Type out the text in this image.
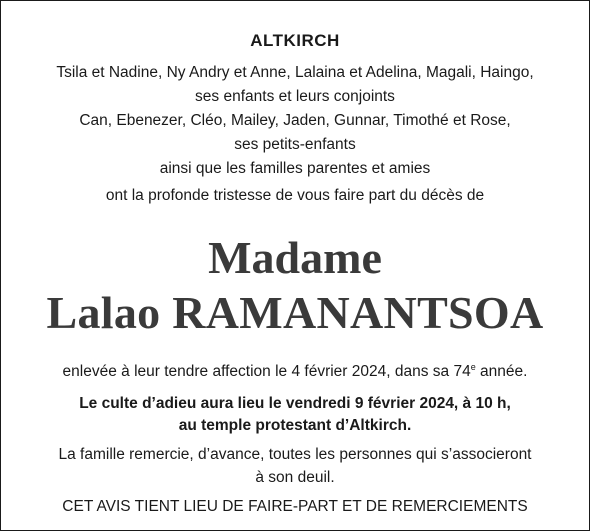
ALTKIRCH
Tsila et Nadine, Ny Andry et Anne, Lalaina et Adelina, Magali, Haingo,
ses enfants et leurs conjoints
Can, Ebenezer, Cléo, Mailey, Jaden, Gunnar, Timothé et Rose,
ses petits-enfants
ainsi que les familles parentes et amies
ont la profonde tristesse de vous faire part du décès de
Madame
Lalao RAMANANTSOA
enlevée à leur tendre affection le 4 février 2024, dans sa 74e année.
Le culte d’adieu aura lieu le vendredi 9 février 2024, à 10 h,
au temple protestant d’Altkirch.
La famille remercie, d’avance, toutes les personnes qui s’associeront
à son deuil.
CET AVIS TIENT LIEU DE FAIRE-PART ET DE REMERCIEMENTS
